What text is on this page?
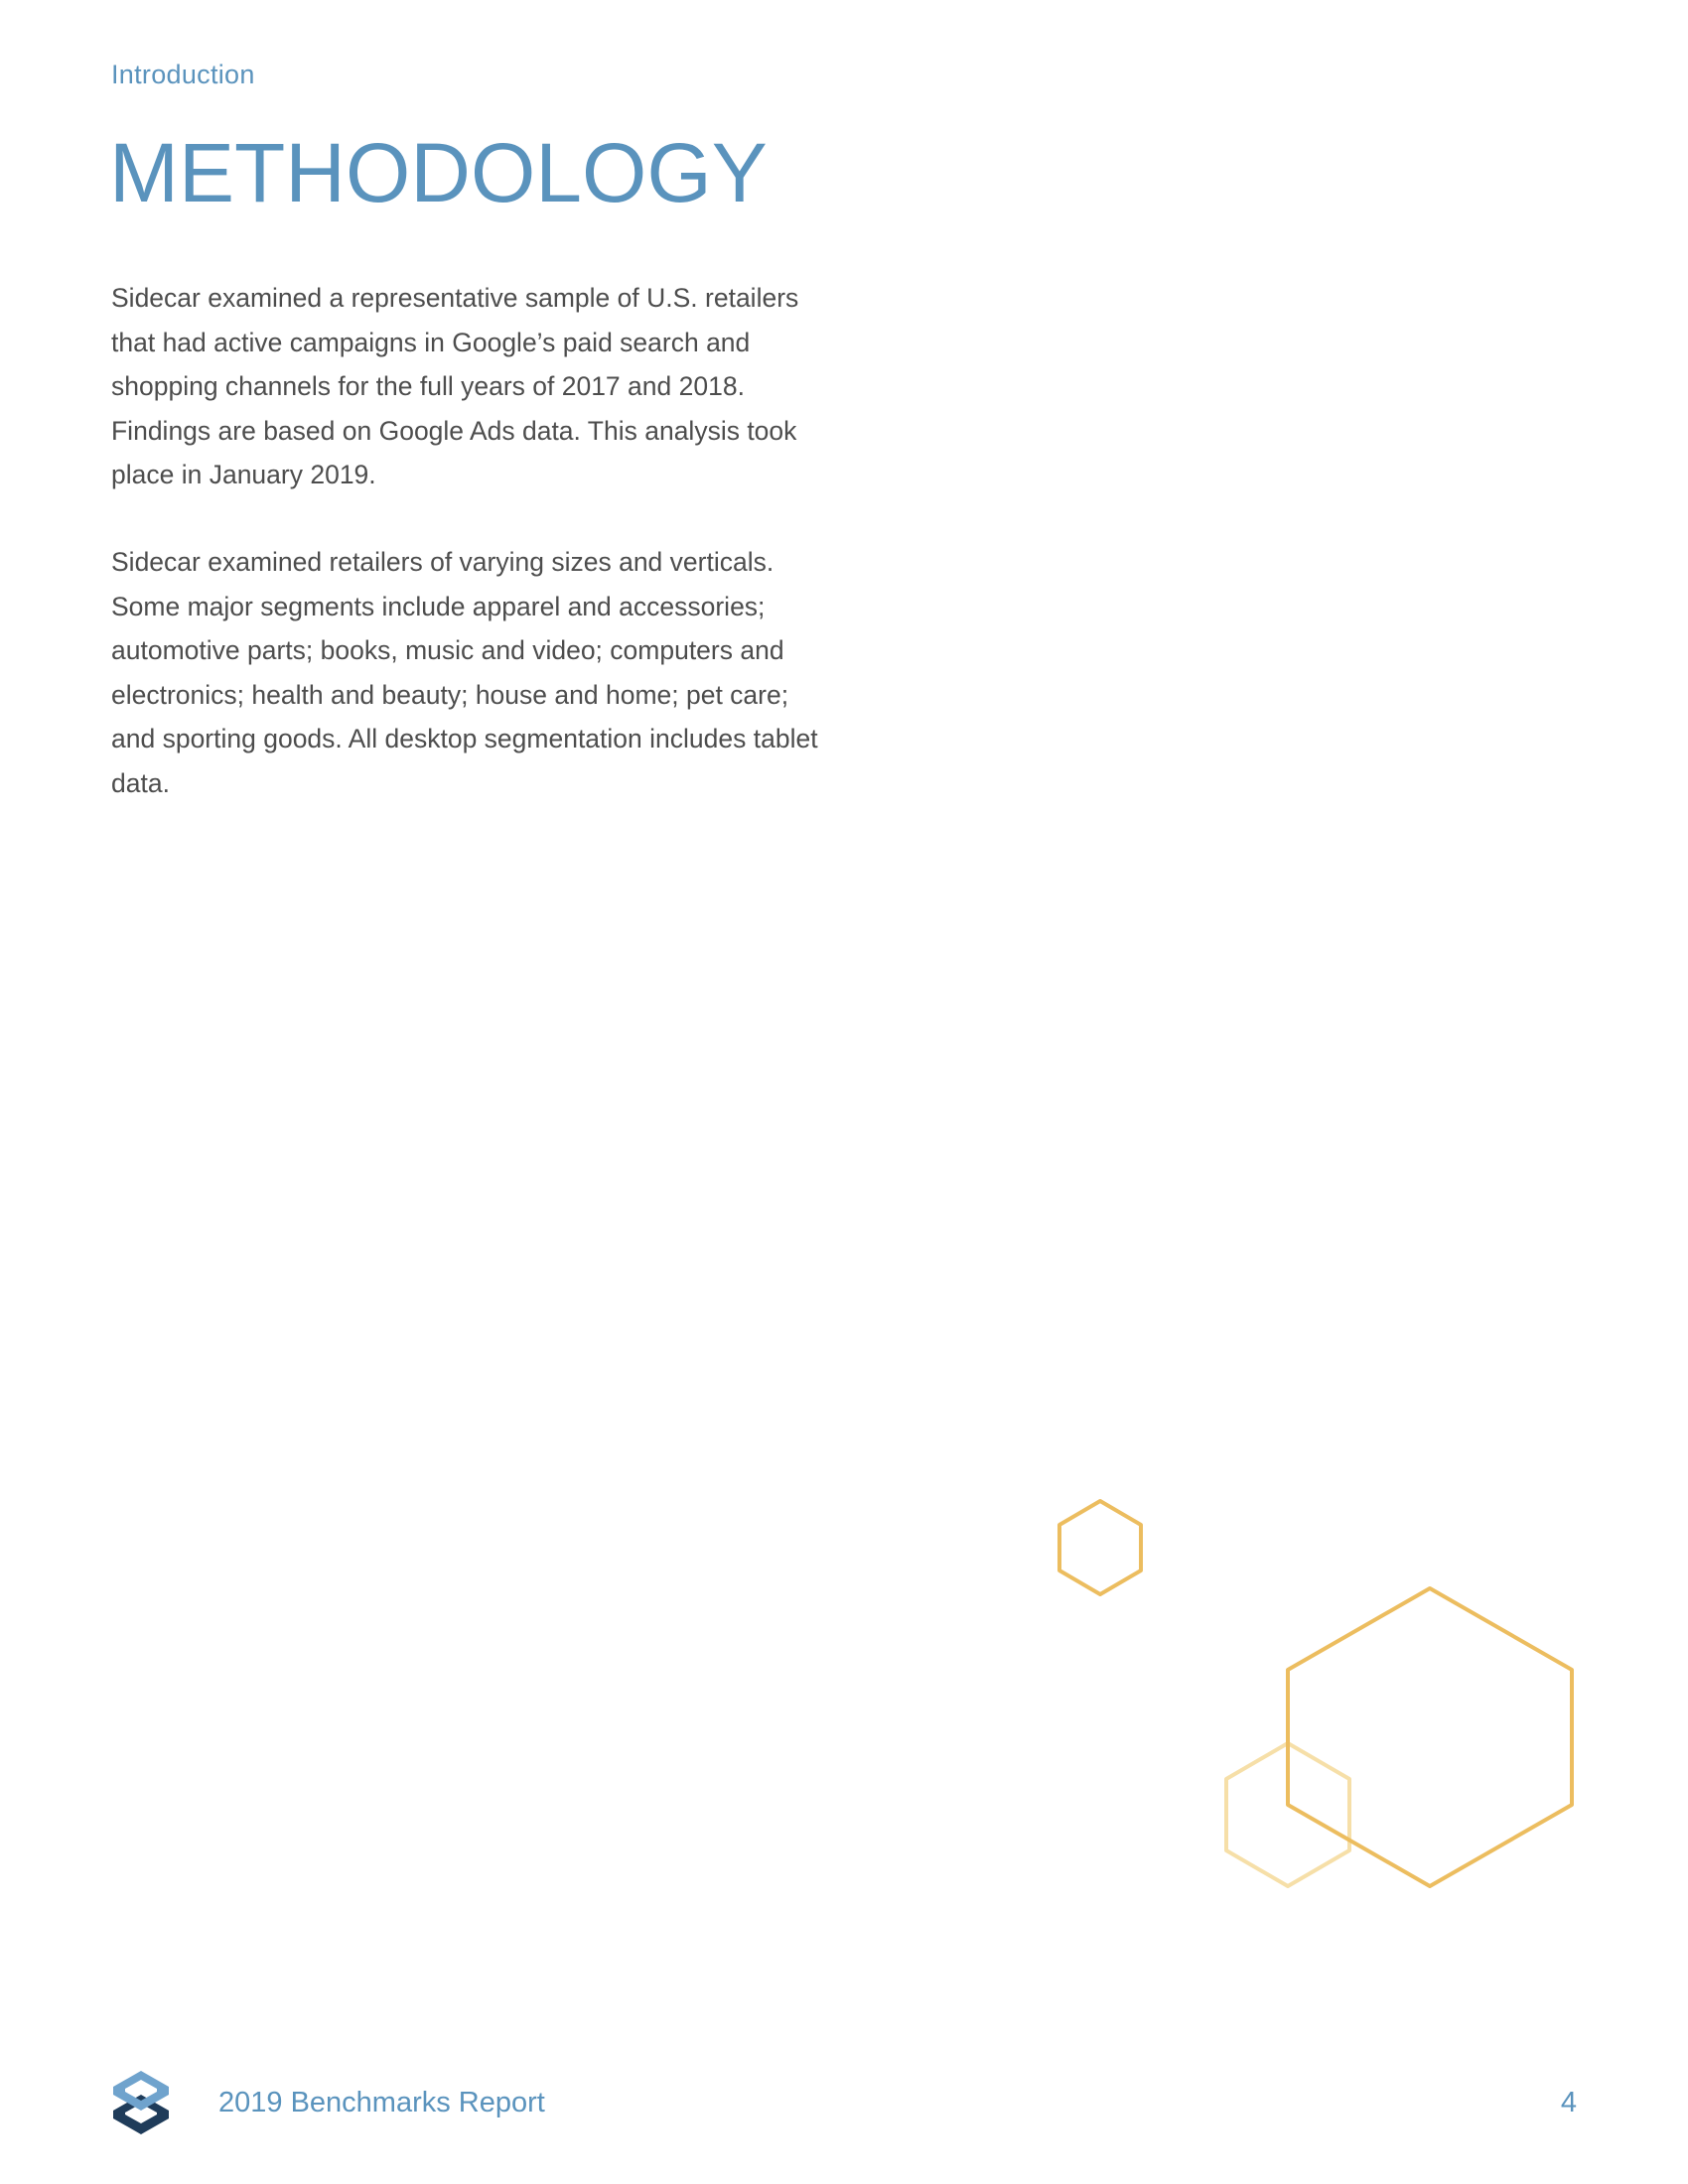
Introduction

METHODOLOGY

Sidecar examined a representative sample of U.S. retailers that had active campaigns in Google’s paid search and shopping channels for the full years of 2017 and 2018. Findings are based on Google Ads data. This analysis took place in January 2019.

Sidecar examined retailers of varying sizes and verticals. Some major segments include apparel and accessories; automotive parts; books, music and video; computers and electronics; health and beauty; house and home; pet care; and sporting goods. All desktop segmentation includes tablet data.

2019 Benchmarks Report	4
